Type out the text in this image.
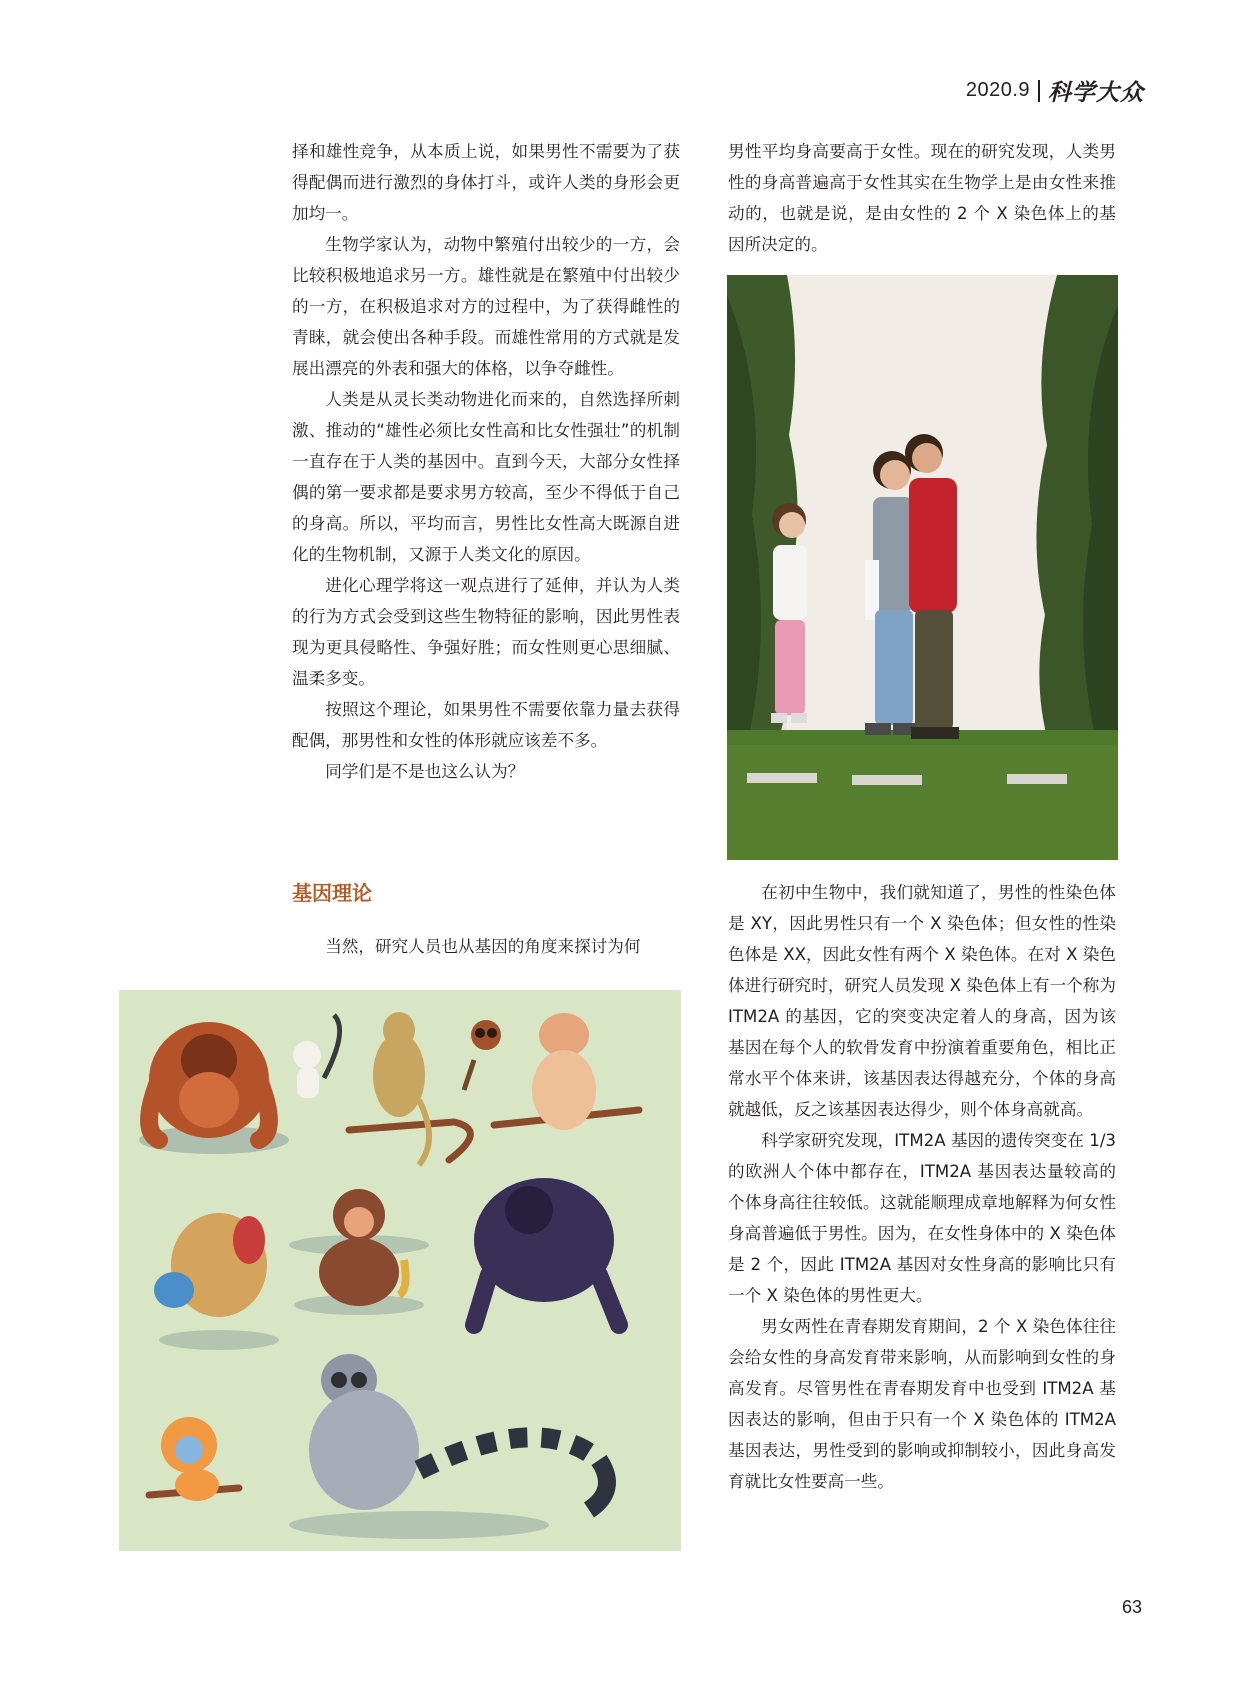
2020.9 科学大众

择和雄性竞争，从本质上说，如果男性不需要为了获得配偶而进行激烈的身体打斗，或许人类的身形会更加均一。

生物学家认为，动物中繁殖付出较少的一方，会比较积极地追求另一方。雄性就是在繁殖中付出较少的一方，在积极追求对方的过程中，为了获得雌性的青睐，就会使出各种手段。而雄性常用的方式就是发展出漂亮的外表和强大的体格，以争夺雌性。

人类是从灵长类动物进化而来的，自然选择所刺激、推动的“雄性必须比女性高和比女性强壮”的机制一直存在于人类的基因中。直到今天，大部分女性择偶的第一要求都是要求男方较高，至少不得低于自己的身高。所以，平均而言，男性比女性高大既源自进化的生物机制，又源于人类文化的原因。

进化心理学将这一观点进行了延伸，并认为人类的行为方式会受到这些生物特征的影响，因此男性表现为更具侵略性、争强好胜；而女性则更心思细腻、温柔多变。

按照这个理论，如果男性不需要依靠力量去获得配偶，那男性和女性的体形就应该差不多。

同学们是不是也这么认为？

基因理论

当然，研究人员也从基因的角度来探讨为何

男性平均身高要高于女性。现在的研究发现，人类男性的身高普遍高于女性其实在生物学上是由女性来推动的，也就是说，是由女性的 2 个 X 染色体上的基因所决定的。

在初中生物中，我们就知道了，男性的性染色体是 XY，因此男性只有一个 X 染色体；但女性的性染色体是 XX，因此女性有两个 X 染色体。在对 X 染色体进行研究时，研究人员发现 X 染色体上有一个称为 ITM2A 的基因，它的突变决定着人的身高，因为该基因在每个人的软骨发育中扮演着重要角色，相比正常水平个体来讲，该基因表达得越充分，个体的身高就越低，反之该基因表达得少，则个体身高就高。

科学家研究发现，ITM2A 基因的遗传突变在 1/3 的欧洲人个体中都存在，ITM2A 基因表达量较高的个体身高往往较低。这就能顺理成章地解释为何女性身高普遍低于男性。因为，在女性身体中的 X 染色体是 2 个，因此 ITM2A 基因对女性身高的影响比只有一个 X 染色体的男性更大。

男女两性在青春期发育期间，2 个 X 染色体往往会给女性的身高发育带来影响，从而影响到女性的身高发育。尽管男性在青春期发育中也受到 ITM2A 基因表达的影响，但由于只有一个 X 染色体的 ITM2A 基因表达，男性受到的影响或抑制较小，因此身高发育就比女性要高一些。

63
